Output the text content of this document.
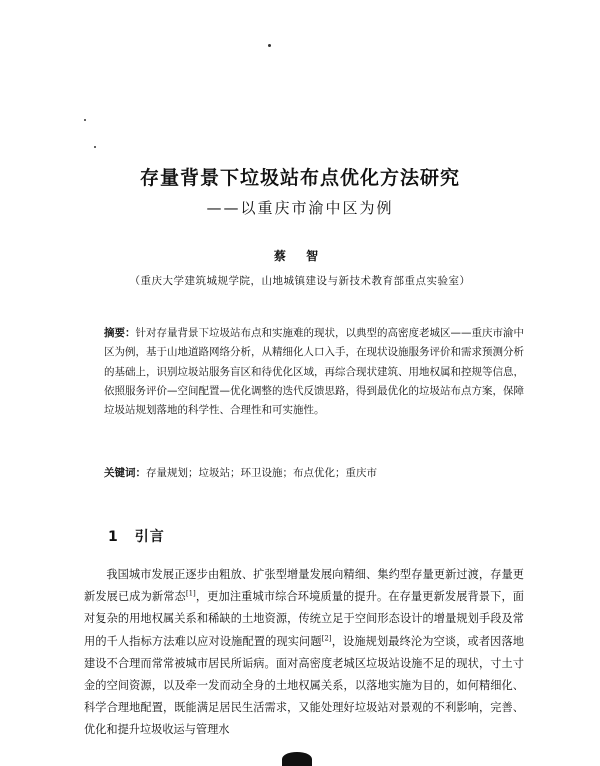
存量背景下垃圾站布点优化方法研究
——以重庆市渝中区为例
蔡 智
（重庆大学建筑城规学院，山地城镇建设与新技术教育部重点实验室）
摘要：针对存量背景下垃圾站布点和实施难的现状，以典型的高密度老城区——重庆市渝中区为例，基于山地道路网络分析，从精细化人口入手，在现状设施服务评价和需求预测分析的基础上，识别垃圾站服务盲区和待优化区域，再综合现状建筑、用地权属和控规等信息，依照服务评价—空间配置—优化调整的迭代反馈思路，得到最优化的垃圾站布点方案，保障垃圾站规划落地的科学性、合理性和可实施性。
关键词：存量规划；垃圾站；环卫设施；布点优化；重庆市
1 引言
我国城市发展正逐步由粗放、扩张型增量发展向精细、集约型存量更新过渡，存量更新发展已成为新常态[1]，更加注重城市综合环境质量的提升。在存量更新发展背景下，面对复杂的用地权属关系和稀缺的土地资源，传统立足于空间形态设计的增量规划手段及常用的千人指标方法难以应对设施配置的现实问题[2]，设施规划最终沦为空谈，或者因落地建设不合理而常常被城市居民所诟病。面对高密度老城区垃圾站设施不足的现状，寸土寸金的空间资源，以及牵一发而动全身的土地权属关系，以落地实施为目的，如何精细化、科学合理地配置，既能满足居民生活需求，又能处理好垃圾站对景观的不利影响，完善、优化和提升垃圾收运与管理水
